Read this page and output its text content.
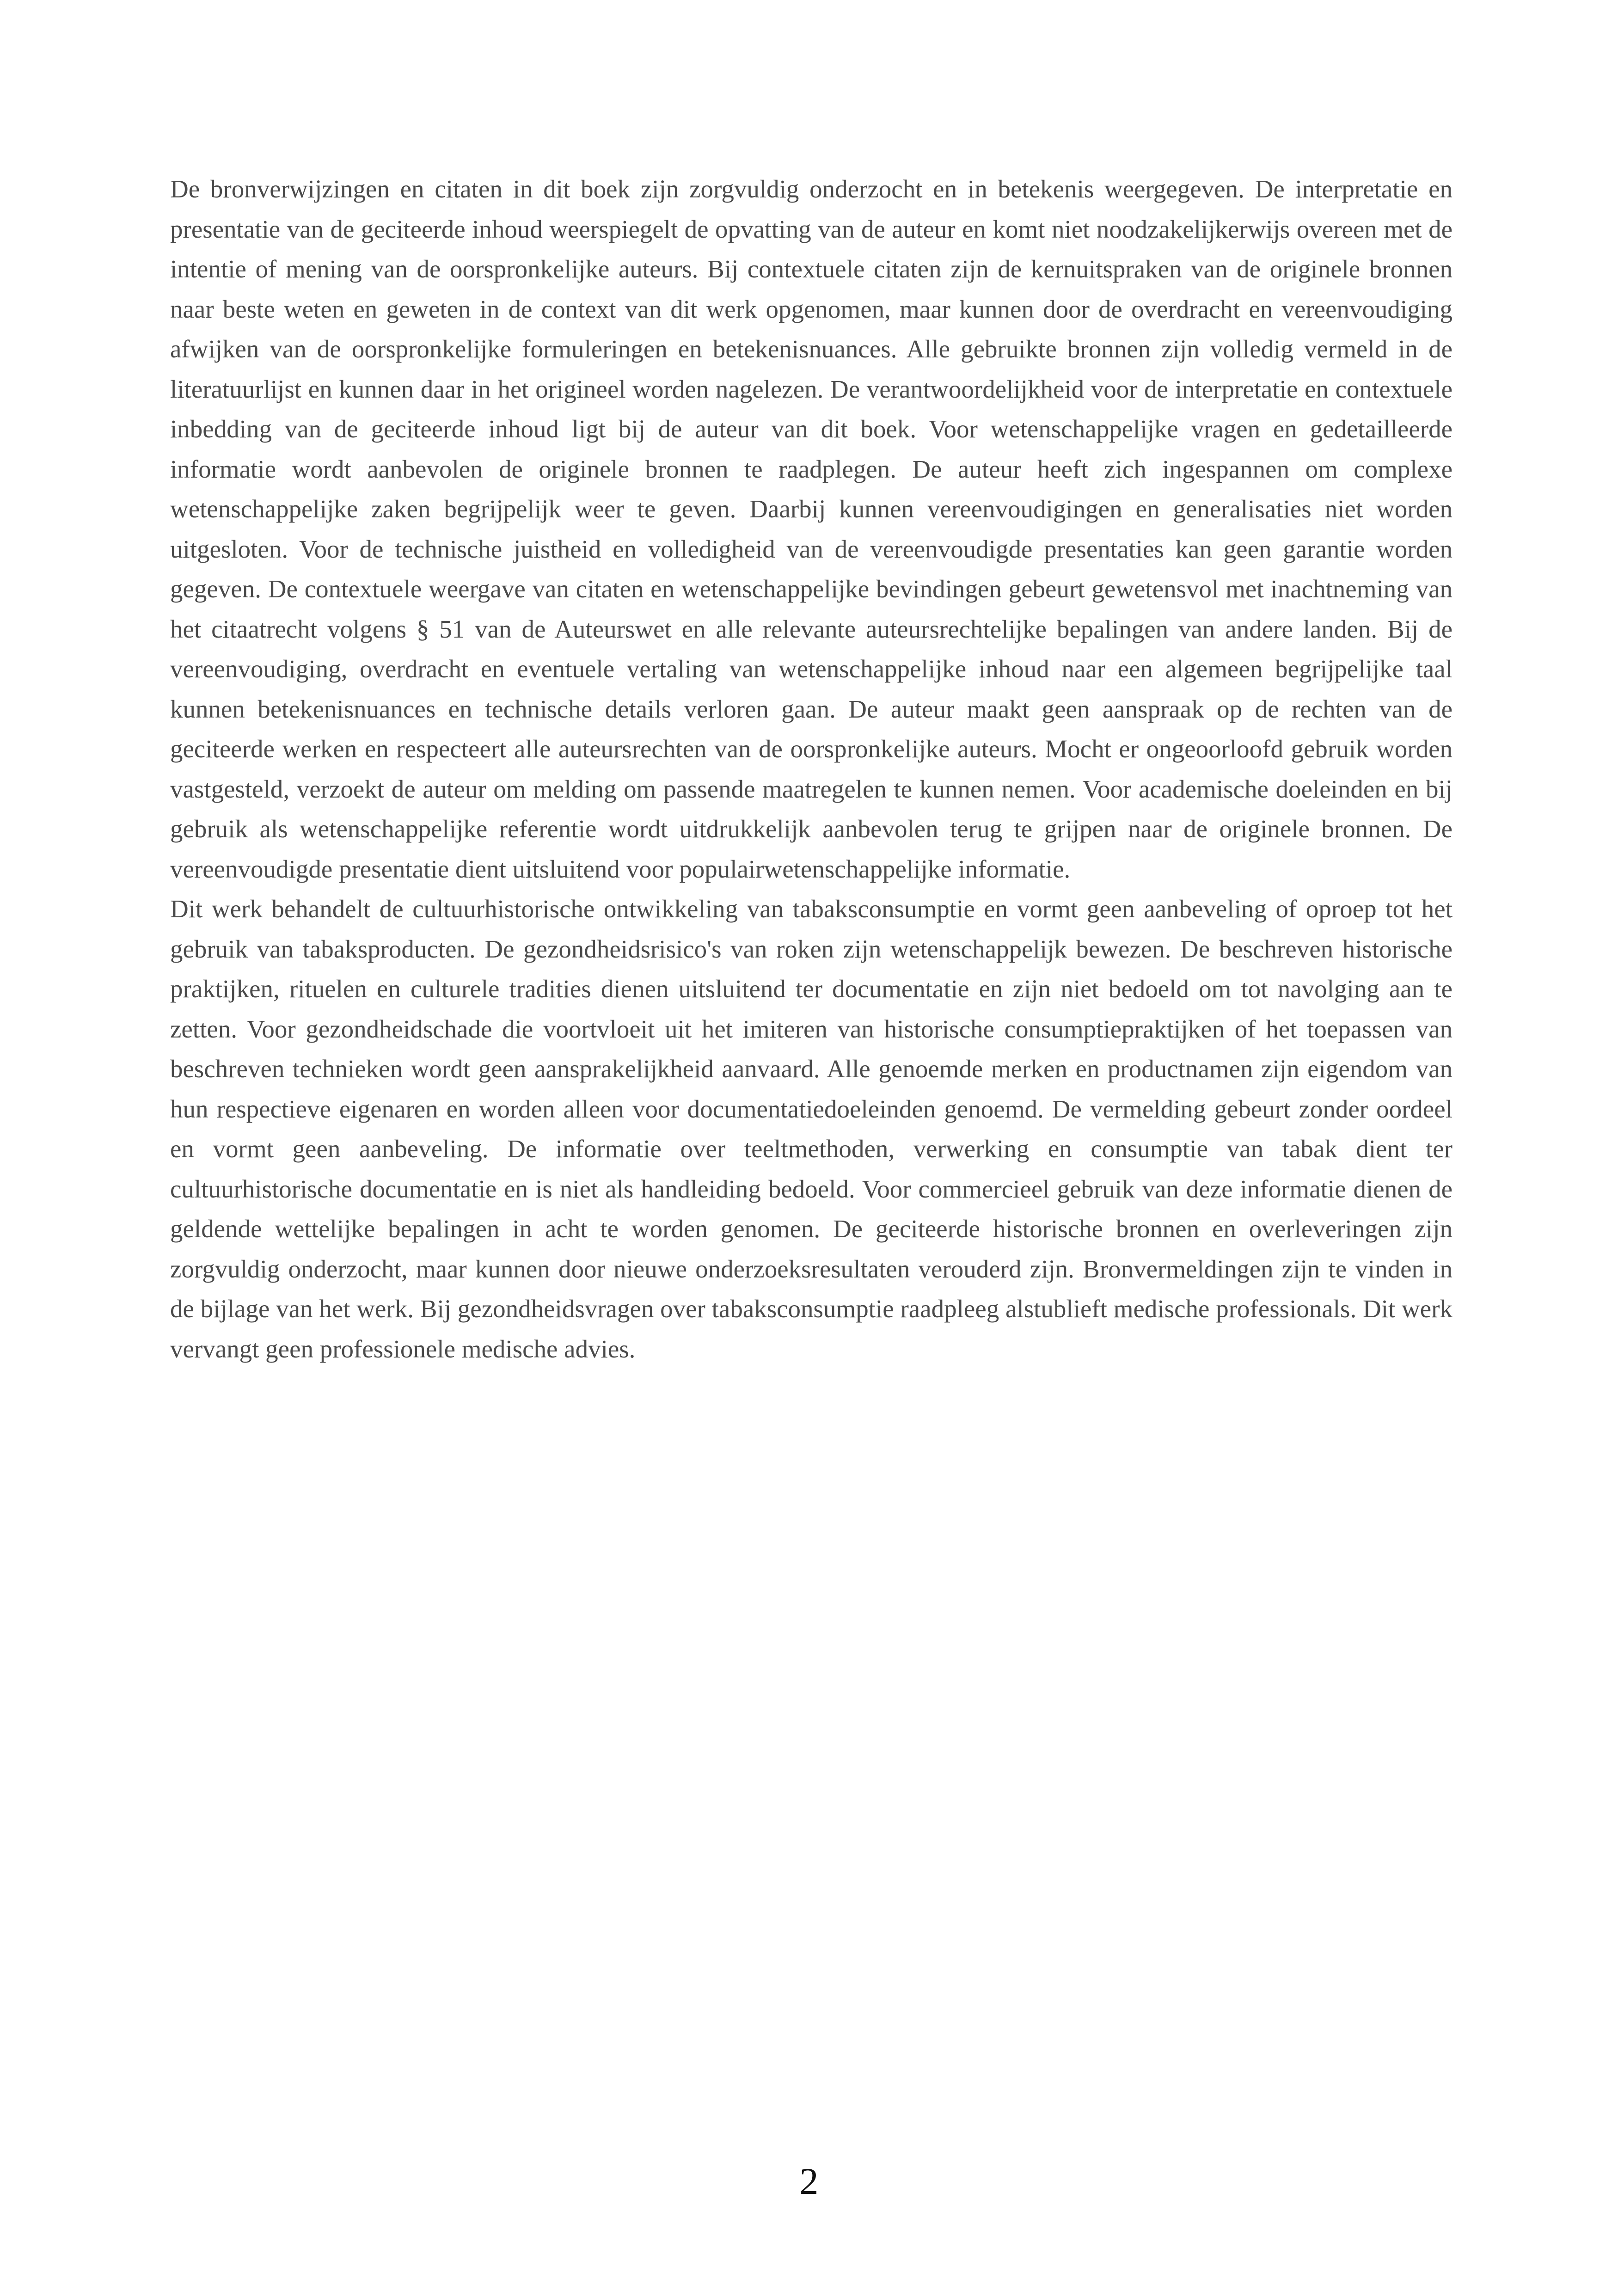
De bronverwijzingen en citaten in dit boek zijn zorgvuldig onderzocht en in betekenis weergegeven. De interpretatie en presentatie van de geciteerde inhoud weerspiegelt de opvatting van de auteur en komt niet noodzakelijkerwijs overeen met de intentie of mening van de oorspronkelijke auteurs. Bij contextuele citaten zijn de kernuitspraken van de originele bronnen naar beste weten en geweten in de context van dit werk opgenomen, maar kunnen door de overdracht en vereenvoudiging afwijken van de oorspronkelijke formuleringen en betekenisnuances. Alle gebruikte bronnen zijn volledig vermeld in de literatuurlijst en kunnen daar in het origineel worden nagelezen. De verantwoordelijkheid voor de interpretatie en contextuele inbedding van de geciteerde inhoud ligt bij de auteur van dit boek. Voor wetenschappelijke vragen en gedetailleerde informatie wordt aanbevolen de originele bronnen te raadplegen. De auteur heeft zich ingespannen om complexe wetenschappelijke zaken begrijpelijk weer te geven. Daarbij kunnen vereenvoudigingen en generalisaties niet worden uitgesloten. Voor de technische juistheid en volledigheid van de vereenvoudigde presentaties kan geen garantie worden gegeven. De contextuele weergave van citaten en wetenschappelijke bevindingen gebeurt gewetensvol met inachtneming van het citaatrecht volgens § 51 van de Auteurswet en alle relevante auteursrechtelijke bepalingen van andere landen. Bij de vereenvoudiging, overdracht en eventuele vertaling van wetenschappelijke inhoud naar een algemeen begrijpelijke taal kunnen betekenisnuances en technische details verloren gaan. De auteur maakt geen aanspraak op de rechten van de geciteerde werken en respecteert alle auteursrechten van de oorspronkelijke auteurs. Mocht er ongeoorloofd gebruik worden vastgesteld, verzoekt de auteur om melding om passende maatregelen te kunnen nemen. Voor academische doeleinden en bij gebruik als wetenschappelijke referentie wordt uitdrukkelijk aanbevolen terug te grijpen naar de originele bronnen. De vereenvoudigde presentatie dient uitsluitend voor populairwetenschappelijke informatie.

Dit werk behandelt de cultuurhistorische ontwikkeling van tabaksconsumptie en vormt geen aanbeveling of oproep tot het gebruik van tabaksproducten. De gezondheidsrisico's van roken zijn wetenschappelijk bewezen. De beschreven historische praktijken, rituelen en culturele tradities dienen uitsluitend ter documentatie en zijn niet bedoeld om tot navolging aan te zetten. Voor gezondheidschade die voortvloeit uit het imiteren van historische consumptiepraktijken of het toepassen van beschreven technieken wordt geen aansprakelijkheid aanvaard. Alle genoemde merken en productnamen zijn eigendom van hun respectieve eigenaren en worden alleen voor documentatiedoeleinden genoemd. De vermelding gebeurt zonder oordeel en vormt geen aanbeveling. De informatie over teeltmethoden, verwerking en consumptie van tabak dient ter cultuurhistorische documentatie en is niet als handleiding bedoeld. Voor commercieel gebruik van deze informatie dienen de geldende wettelijke bepalingen in acht te worden genomen. De geciteerde historische bronnen en overleveringen zijn zorgvuldig onderzocht, maar kunnen door nieuwe onderzoeksresultaten verouderd zijn. Bronvermeldingen zijn te vinden in de bijlage van het werk. Bij gezondheidsvragen over tabaksconsumptie raadpleeg alstublieft medische professionals. Dit werk vervangt geen professionele medische advies.

2
